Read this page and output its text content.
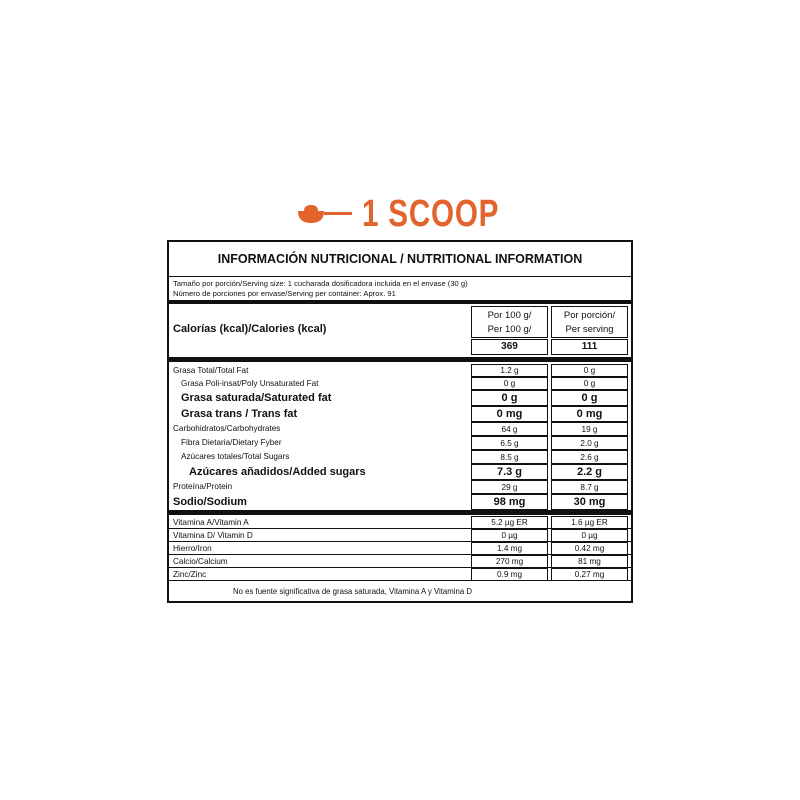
1 SCOOP
INFORMACIÓN NUTRICIONAL / NUTRITIONAL INFORMATION
Tamaño por porción/Serving size: 1 cucharada dosificadora incluida en el envase (30 g)
Número de porciones por envase/Serving per container: Aprox. 91
Calorías (kcal)/Calories (kcal)
Por 100 g/
Per 100 g/
Por porción/
Per serving
369	111
Grasa Total/Total Fat	1.2 g	0 g
Grasa Poli-insat/Poly Unsaturated Fat	0 g	0 g
Grasa saturada/Saturated fat	0 g	0 g
Grasa trans / Trans fat	0 mg	0 mg
Carbohidratos/Carbohydrates	64 g	19 g
Fibra Dietaria/Dietary Fyber	6.5 g	2.0 g
Azúcares totales/Total Sugars	8.5 g	2.6 g
Azúcares añadidos/Added sugars	7.3 g	2.2 g
Proteína/Protein	29 g	8.7 g
Sodio/Sodium	98 mg	30 mg
Vitamina A/Vitamin A	5.2 µg ER	1.6 µg ER
Vitamina D/ Vitamin D	0 µg	0 µg
Hierro/Iron	1.4 mg	0.42 mg
Calcio/Calcium	270 mg	81 mg
Zinc/Zinc	0.9 mg	0.27 mg
No es fuente significativa de grasa saturada, Vitamina A y Vitamina D
